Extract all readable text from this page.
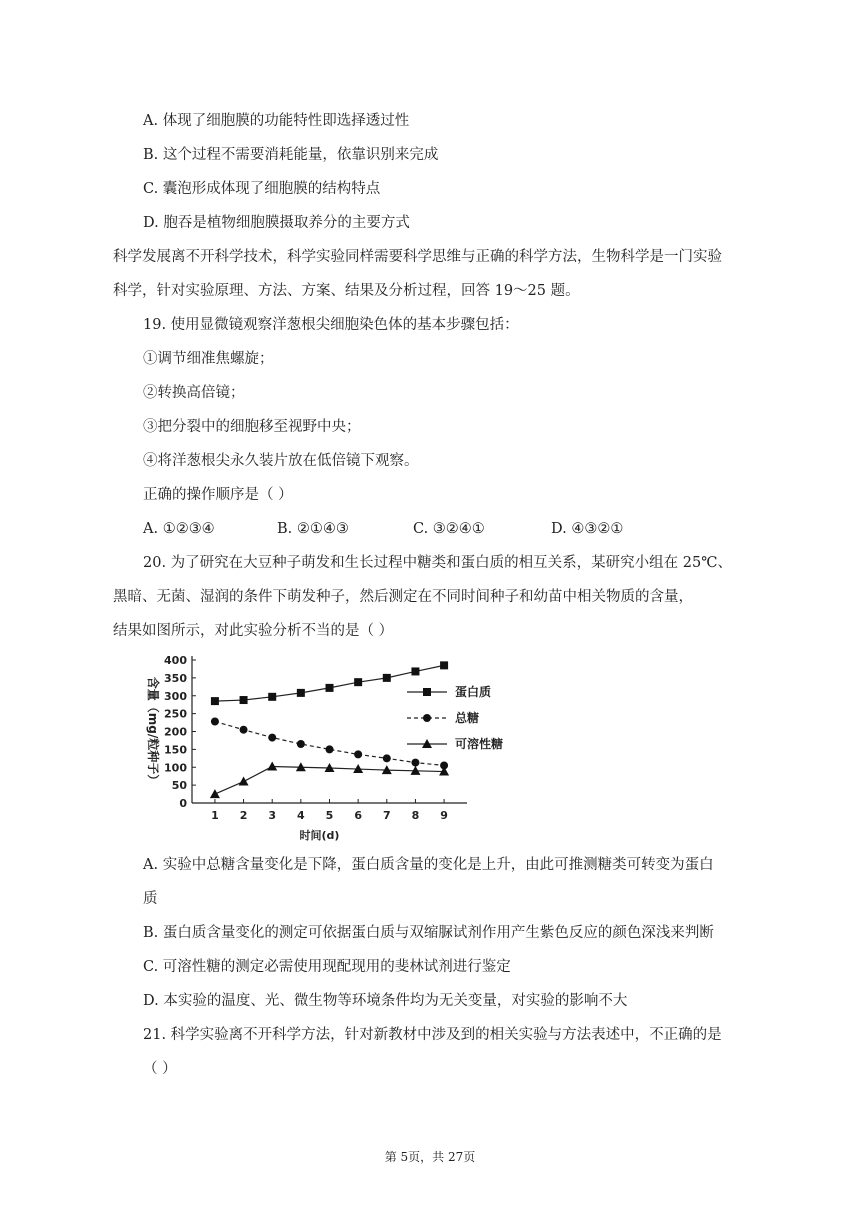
A. 体现了细胞膜的功能特性即选择透过性
B. 这个过程不需要消耗能量，依靠识别来完成
C. 囊泡形成体现了细胞膜的结构特点
D. 胞吞是植物细胞膜摄取养分的主要方式
科学发展离不开科学技术，科学实验同样需要科学思维与正确的科学方法，生物科学是一门实验
科学，针对实验原理、方法、方案、结果及分析过程，回答 19～25 题。
19. 使用显微镜观察洋葱根尖细胞染色体的基本步骤包括：
①调节细准焦螺旋；
②转换高倍镜；
③把分裂中的细胞移至视野中央；
④将洋葱根尖永久装片放在低倍镜下观察。
正确的操作顺序是（ ）
A. ①②③④	B. ②①④③	C. ③②④①	D. ④③②①
20. 为了研究在大豆种子萌发和生长过程中糖类和蛋白质的相互关系，某研究小组在 25℃、
黑暗、无菌、湿润的条件下萌发种子，然后测定在不同时间种子和幼苗中相关物质的含量，
结果如图所示，对此实验分析不当的是（ ）
0
50
100
150
200
250
300
350
400
1 2 3 4 5 6 7 8 9
时间(d)
含量（mg/粒种子）	蛋白质
总糖
可溶性糖
A. 实验中总糖含量变化是下降，蛋白质含量的变化是上升，由此可推测糖类可转变为蛋白
质
B. 蛋白质含量变化的测定可依据蛋白质与双缩脲试剂作用产生紫色反应的颜色深浅来判断
C. 可溶性糖的测定必需使用现配现用的斐林试剂进行鉴定
D. 本实验的温度、光、微生物等环境条件均为无关变量，对实验的影响不大
21. 科学实验离不开科学方法，针对新教材中涉及到的相关实验与方法表述中，不正确的是
（ ）
第 5页，共 27页
